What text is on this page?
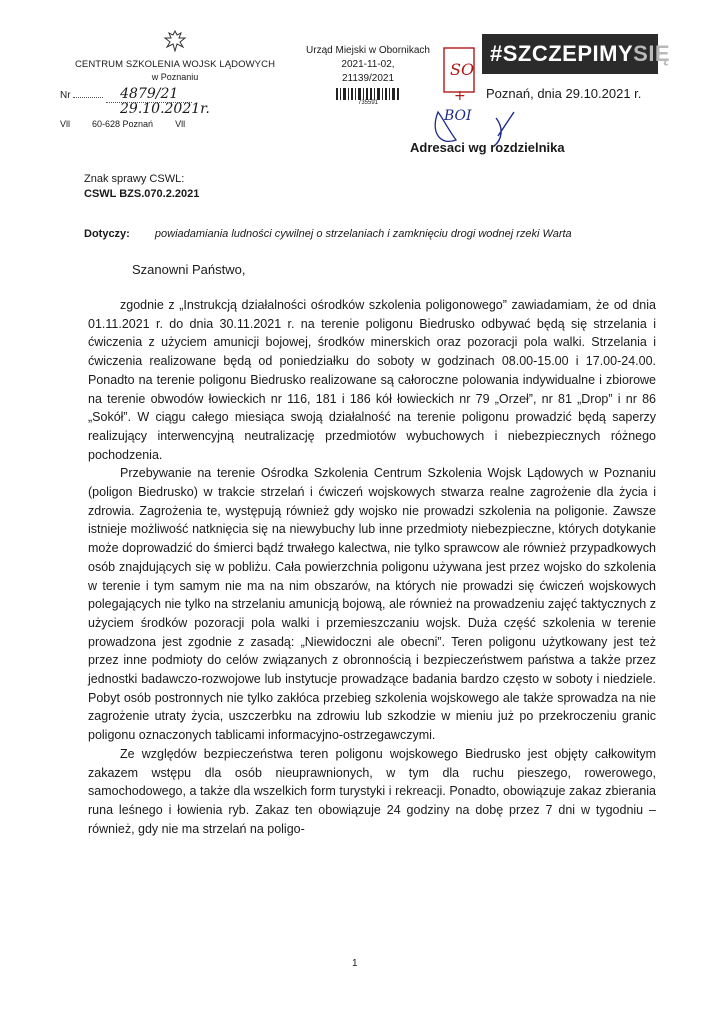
CENTRUM SZKOLENIA WOJSK LĄDOWYCH
w Poznaniu
Nr	4879/21
29.10.2021r.
Vll 60-628 Poznań Vll
Urząd Miejski w Obornikach
2021-11-02,
21139/2021
735591
SO
+
BOI
#SZCZEPIMYSIĘ
Poznań, dnia 29.10.2021 r.
Adresaci wg rozdzielnika
Znak sprawy CSWL:
CSWL BZS.070.2.2021
Dotyczy: powiadamiania ludności cywilnej o strzelaniach i zamknięciu drogi wodnej rzeki Warta
Szanowni Państwo,

zgodnie z „Instrukcją działalności ośrodków szkolenia poligonowego” zawiadamiam, że od dnia 01.11.2021 r. do dnia 30.11.2021 r. na terenie poligonu Biedrusko odbywać będą się strzelania i ćwiczenia z użyciem amunicji bojowej, środków minerskich oraz pozoracji pola walki. Strzelania i ćwiczenia realizowane będą od poniedziałku do soboty w godzinach 08.00-15.00 i 17.00-24.00. Ponadto na terenie poligonu Biedrusko realizowane są całoroczne polowania indywidualne i zbiorowe na terenie obwodów łowieckich nr 116, 181 i 186 kół łowieckich nr 79 „Orzeł”, nr 81 „Drop” i nr 86 „Sokół”. W ciągu całego miesiąca swoją działalność na terenie poligonu prowadzić będą saperzy realizujący interwencyjną neutralizację przedmiotów wybuchowych i niebezpiecznych różnego pochodzenia.

Przebywanie na terenie Ośrodka Szkolenia Centrum Szkolenia Wojsk Lądowych w Poznaniu (poligon Biedrusko) w trakcie strzelań i ćwiczeń wojskowych stwarza realne zagrożenie dla życia i zdrowia. Zagrożenia te, występują również gdy wojsko nie prowadzi szkolenia na poligonie. Zawsze istnieje możliwość natknięcia się na niewybuchy lub inne przedmioty niebezpieczne, których dotykanie może doprowadzić do śmierci bądź trwałego kalectwa, nie tylko sprawcow ale również przypadkowych osób znajdujących się w pobliżu. Cała powierzchnia poligonu używana jest przez wojsko do szkolenia w terenie i tym samym nie ma na nim obszarów, na których nie prowadzi się ćwiczeń wojskowych polegających nie tylko na strzelaniu amunicją bojową, ale również na prowadzeniu zajęć taktycznych z użyciem środków pozoracji pola walki i przemieszczaniu wojsk. Duża część szkolenia w terenie prowadzona jest zgodnie z zasadą: „Niewidoczni ale obecni”. Teren poligonu użytkowany jest też przez inne podmioty do celów związanych z obronnością i bezpieczeństwem państwa a także przez jednostki badawczo-rozwojowe lub instytucje prowadzące badania bardzo często w soboty i niedziele. Pobyt osób postronnych nie tylko zakłóca przebieg szkolenia wojskowego ale także sprowadza na nie zagrożenie utraty życia, uszczerbku na zdrowiu lub szkodzie w mieniu już po przekroczeniu granic poligonu oznaczonych tablicami informacyjno-ostrzegawczymi.

Ze względów bezpieczeństwa teren poligonu wojskowego Biedrusko jest objęty całkowitym zakazem wstępu dla osób nieuprawnionych, w tym dla ruchu pieszego, rowerowego, samochodowego, a także dla wszelkich form turystyki i rekreacji. Ponadto, obowiązuje zakaz zbierania runa leśnego i łowienia ryb. Zakaz ten obowiązuje 24 godziny na dobę przez 7 dni w tygodniu – również, gdy nie ma strzelań na poligo-

1
